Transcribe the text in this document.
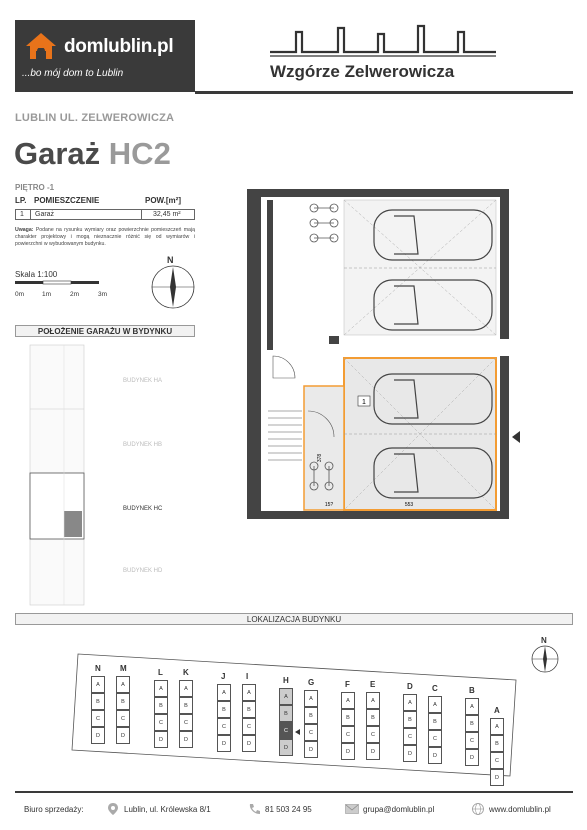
domlublin.pl
...bo mój dom to Lublin	Wzgórze Zelwerowicza
LUBLIN UL. ZELWEROWICZA
Garaż HC2
PIĘTRO -1
LP. POMIESZCZENIE	POW.[m²]
1 Garaż	32,45 m²
Uwaga: Podane na rysunku wymiary oraz powierzchnie pomieszczeń mają charakter projektowy i mogą nieznacznie różnić się od wymiarów i powierzchni w wybudowanym budynku.
Skala 1:100
0m	1m	2m	3m
N
1
553
15?
378
POŁOŻENIE GARAŻU W BYDYNKU
BUDYNEK HA
BUDYNEK HB
BUDYNEK HC
BUDYNEK HD
LOKALIZACJA BUDYNKU
N
N
A
B
C
D
M
A
B
C
D
L
A
B
C
D
K
A
B
C
D
J
A
B
C
D
I
A
B
C
D
H
A
B
C
D
G
A
B
C
D
F
A
B
C
D
E
A
B
C
D
D
A
B
C
D
C
A
B
C
D
B
A
B
C
D
A
A
B
C
D
Biuro sprzedaży:	Lublin, ul. Królewska 8/1	81 503 24 95	grupa@domlublin.pl	www.domlublin.pl
